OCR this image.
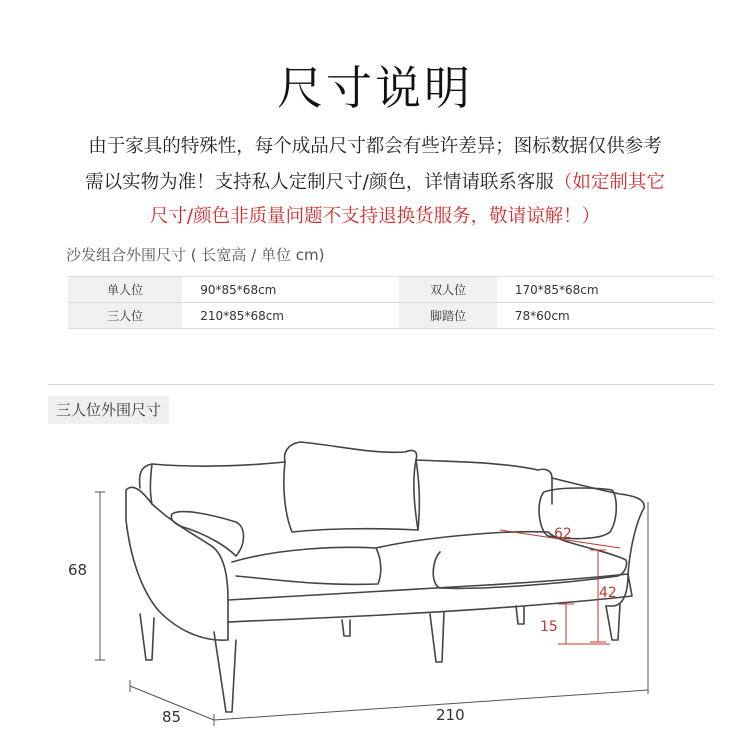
尺寸说明
由于家具的特殊性，每个成品尺寸都会有些许差异；图标数据仅供参考
需以实物为准！支持私人定制尺寸/颜色，详情请联系客服（如定制其它
尺寸/颜色非质量问题不支持退换货服务，敬请谅解！）
沙发组合外围尺寸 ( 长宽高 / 单位 cm)
单人位	90*85*68cm	双人位	170*85*68cm
三人位	210*85*68cm	脚踏位	78*60cm
三人位外围尺寸
68
85	210
62
42
15
